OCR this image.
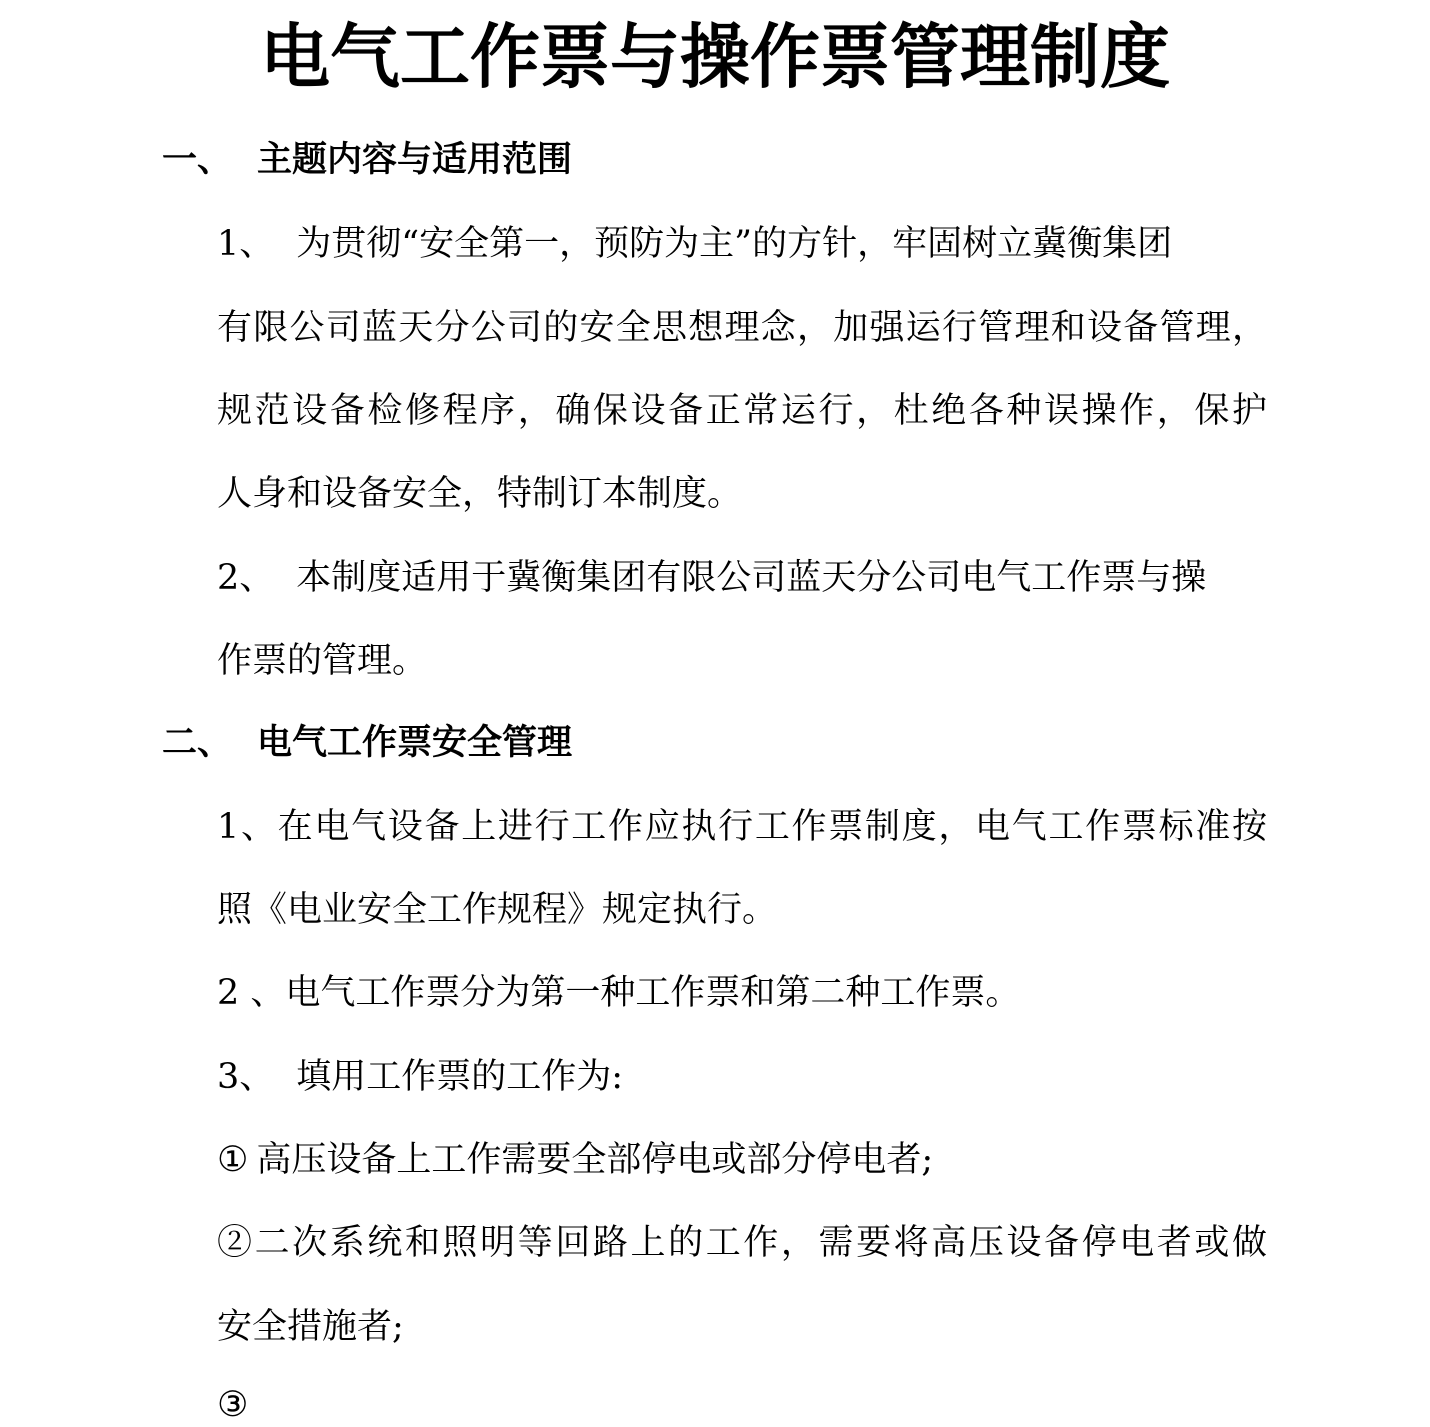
电气工作票与操作票管理制度
一、 主题内容与适用范围
1、 为贯彻“安全第一，预防为主”的方针，牢固树立冀衡集团
有限公司蓝天分公司的安全思想理念，加强运行管理和设备管理，
规范设备检修程序，确保设备正常运行，杜绝各种误操作，保护
人身和设备安全，特制订本制度。
2、 本制度适用于冀衡集团有限公司蓝天分公司电气工作票与操
作票的管理。
二、 电气工作票安全管理
1、在电气设备上进行工作应执行工作票制度，电气工作票标准按
照《电业安全工作规程》规定执行。
2 、电气工作票分为第一种工作票和第二种工作票。
3、 填用工作票的工作为:
① 高压设备上工作需要全部停电或部分停电者;
②二次系统和照明等回路上的工作，需要将高压设备停电者或做
安全措施者;
③
